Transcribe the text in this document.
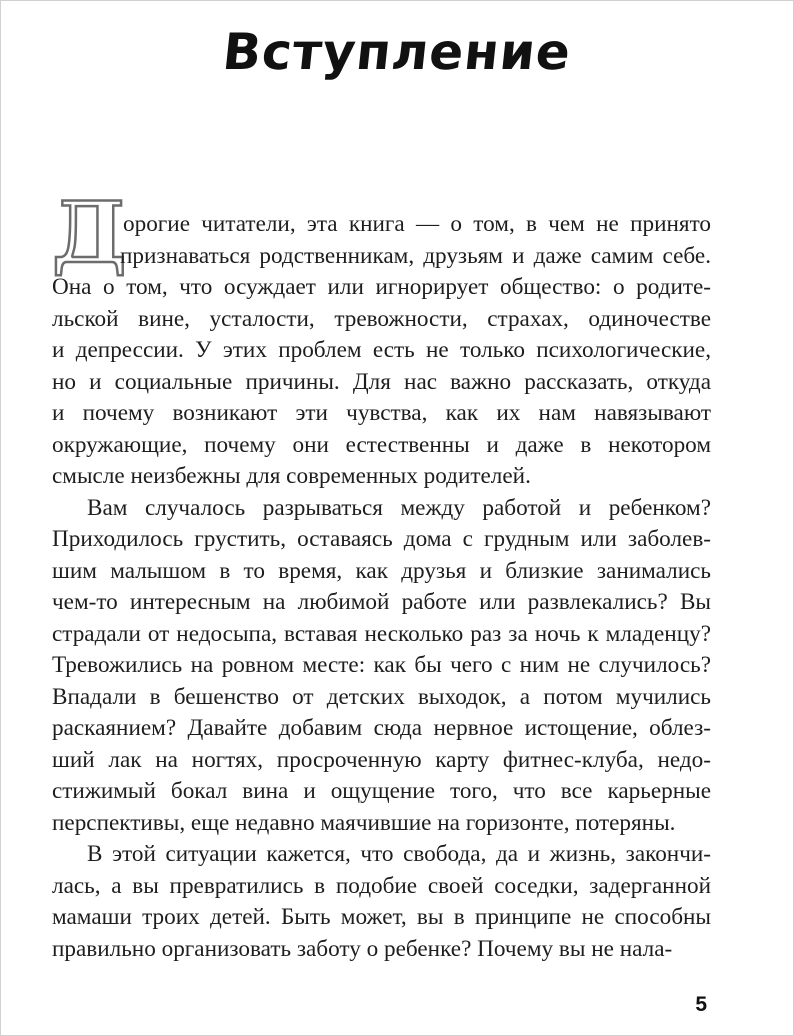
Вступление
Д
орогие читатели, эта книга — о том, в чем не принято
признаваться родственникам, друзьям и даже самим себе.
Она о том, что осуждает или игнорирует общество: о родите-
льской вине, усталости, тревожности, страхах, одиночестве
и депрессии. У этих проблем есть не только психологические,
но и социальные причины. Для нас важно рассказать, откуда
и почему возникают эти чувства, как их нам навязывают
окружающие, почему они естественны и даже в некотором
смысле неизбежны для современных родителей.
Вам случалось разрываться между работой и ребенком?
Приходилось грустить, оставаясь дома с грудным или заболев-
шим малышом в то время, как друзья и близкие занимались
чем-то интересным на любимой работе или развлекались? Вы
страдали от недосыпа, вставая несколько раз за ночь к младенцу?
Тревожились на ровном месте: как бы чего с ним не случилось?
Впадали в бешенство от детских выходок, а потом мучились
раскаянием? Давайте добавим сюда нервное истощение, облез-
ший лак на ногтях, просроченную карту фитнес-клуба, недо-
стижимый бокал вина и ощущение того, что все карьерные
перспективы, еще недавно маячившие на горизонте, потеряны.
В этой ситуации кажется, что свобода, да и жизнь, закончи-
лась, а вы превратились в подобие своей соседки, задерганной
мамаши троих детей. Быть может, вы в принципе не способны
правильно организовать заботу о ребенке? Почему вы не нала-
5
